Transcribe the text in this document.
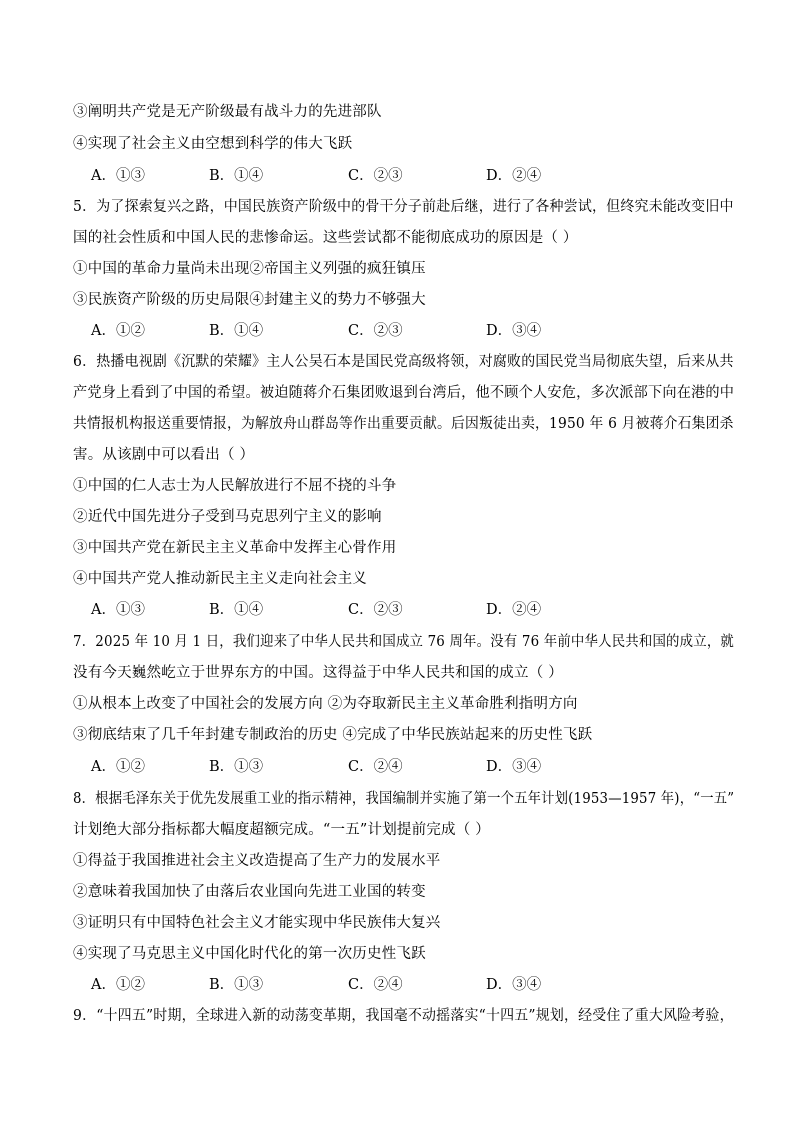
③阐明共产党是无产阶级最有战斗力的先进部队
④实现了社会主义由空想到科学的伟大飞跃
A．①③	B．①④	C．②③	D．②④
5．为了探索复兴之路，中国民族资产阶级中的骨干分子前赴后继，进行了各种尝试，但终究未能改变旧中
国的社会性质和中国人民的悲惨命运。这些尝试都不能彻底成功的原因是（ ）
①中国的革命力量尚未出现②帝国主义列强的疯狂镇压
③民族资产阶级的历史局限④封建主义的势力不够强大
A．①②	B．①④	C．②③	D．③④
6．热播电视剧《沉默的荣耀》主人公吴石本是国民党高级将领，对腐败的国民党当局彻底失望，后来从共
产党身上看到了中国的希望。被迫随蒋介石集团败退到台湾后，他不顾个人安危，多次派部下向在港的中
共情报机构报送重要情报，为解放舟山群岛等作出重要贡献。后因叛徒出卖，1950 年 6 月被蒋介石集团杀
害。从该剧中可以看出（ ）
①中国的仁人志士为人民解放进行不屈不挠的斗争
②近代中国先进分子受到马克思列宁主义的影响
③中国共产党在新民主主义革命中发挥主心骨作用
④中国共产党人推动新民主主义走向社会主义
A．①③	B．①④	C．②③	D．②④
7．2025 年 10 月 1 日，我们迎来了中华人民共和国成立 76 周年。没有 76 年前中华人民共和国的成立，就
没有今天巍然屹立于世界东方的中国。这得益于中华人民共和国的成立（ ）
①从根本上改变了中国社会的发展方向 ②为夺取新民主主义革命胜利指明方向
③彻底结束了几千年封建专制政治的历史 ④完成了中华民族站起来的历史性飞跃
A．①②	B．①③	C．②④	D．③④
8．根据毛泽东关于优先发展重工业的指示精神，我国编制并实施了第一个五年计划(1953—1957 年)，“一五”
计划绝大部分指标都大幅度超额完成。“一五”计划提前完成（ ）
①得益于我国推进社会主义改造提高了生产力的发展水平
②意味着我国加快了由落后农业国向先进工业国的转变
③证明只有中国特色社会主义才能实现中华民族伟大复兴
④实现了马克思主义中国化时代化的第一次历史性飞跃
A．①②	B．①③	C．②④	D．③④
9．“十四五”时期，全球进入新的动荡变革期，我国毫不动摇落实“十四五”规划，经受住了重大风险考验，
